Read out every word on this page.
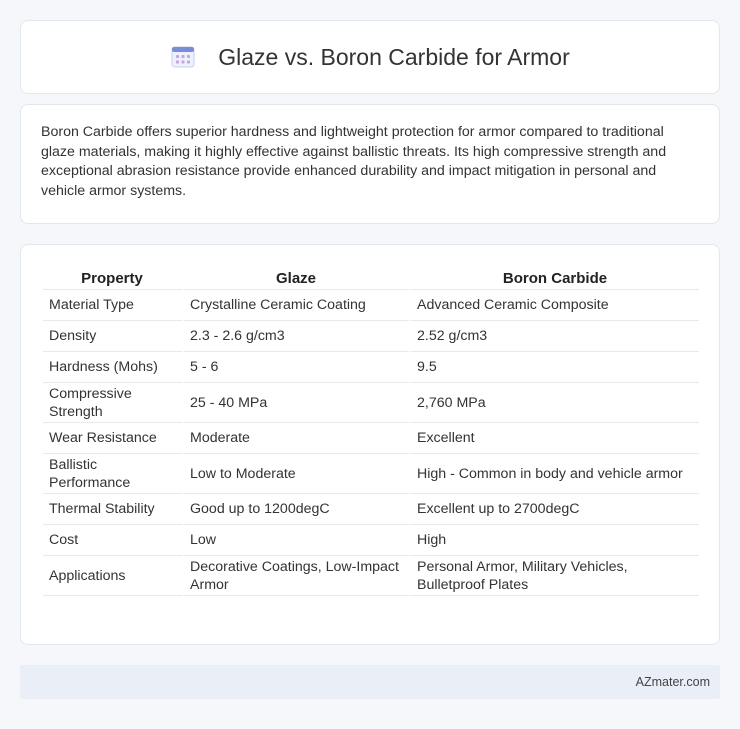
Glaze vs. Boron Carbide for Armor

Boron Carbide offers superior hardness and lightweight protection for armor compared to traditional glaze materials, making it highly effective against ballistic threats. Its high compressive strength and exceptional abrasion resistance provide enhanced durability and impact mitigation in personal and vehicle armor systems.

Property	Glaze	Boron Carbide
Material Type	Crystalline Ceramic Coating	Advanced Ceramic Composite
Density	2.3 - 2.6 g/cm3	2.52 g/cm3
Hardness (Mohs)	5 - 6	9.5
Compressive Strength	25 - 40 MPa	2,760 MPa
Wear Resistance	Moderate	Excellent
Ballistic Performance	Low to Moderate	High - Common in body and vehicle armor
Thermal Stability	Good up to 1200degC	Excellent up to 2700degC
Cost	Low	High
Applications	Decorative Coatings, Low-Impact Armor	Personal Armor, Military Vehicles, Bulletproof Plates
AZmater.com
